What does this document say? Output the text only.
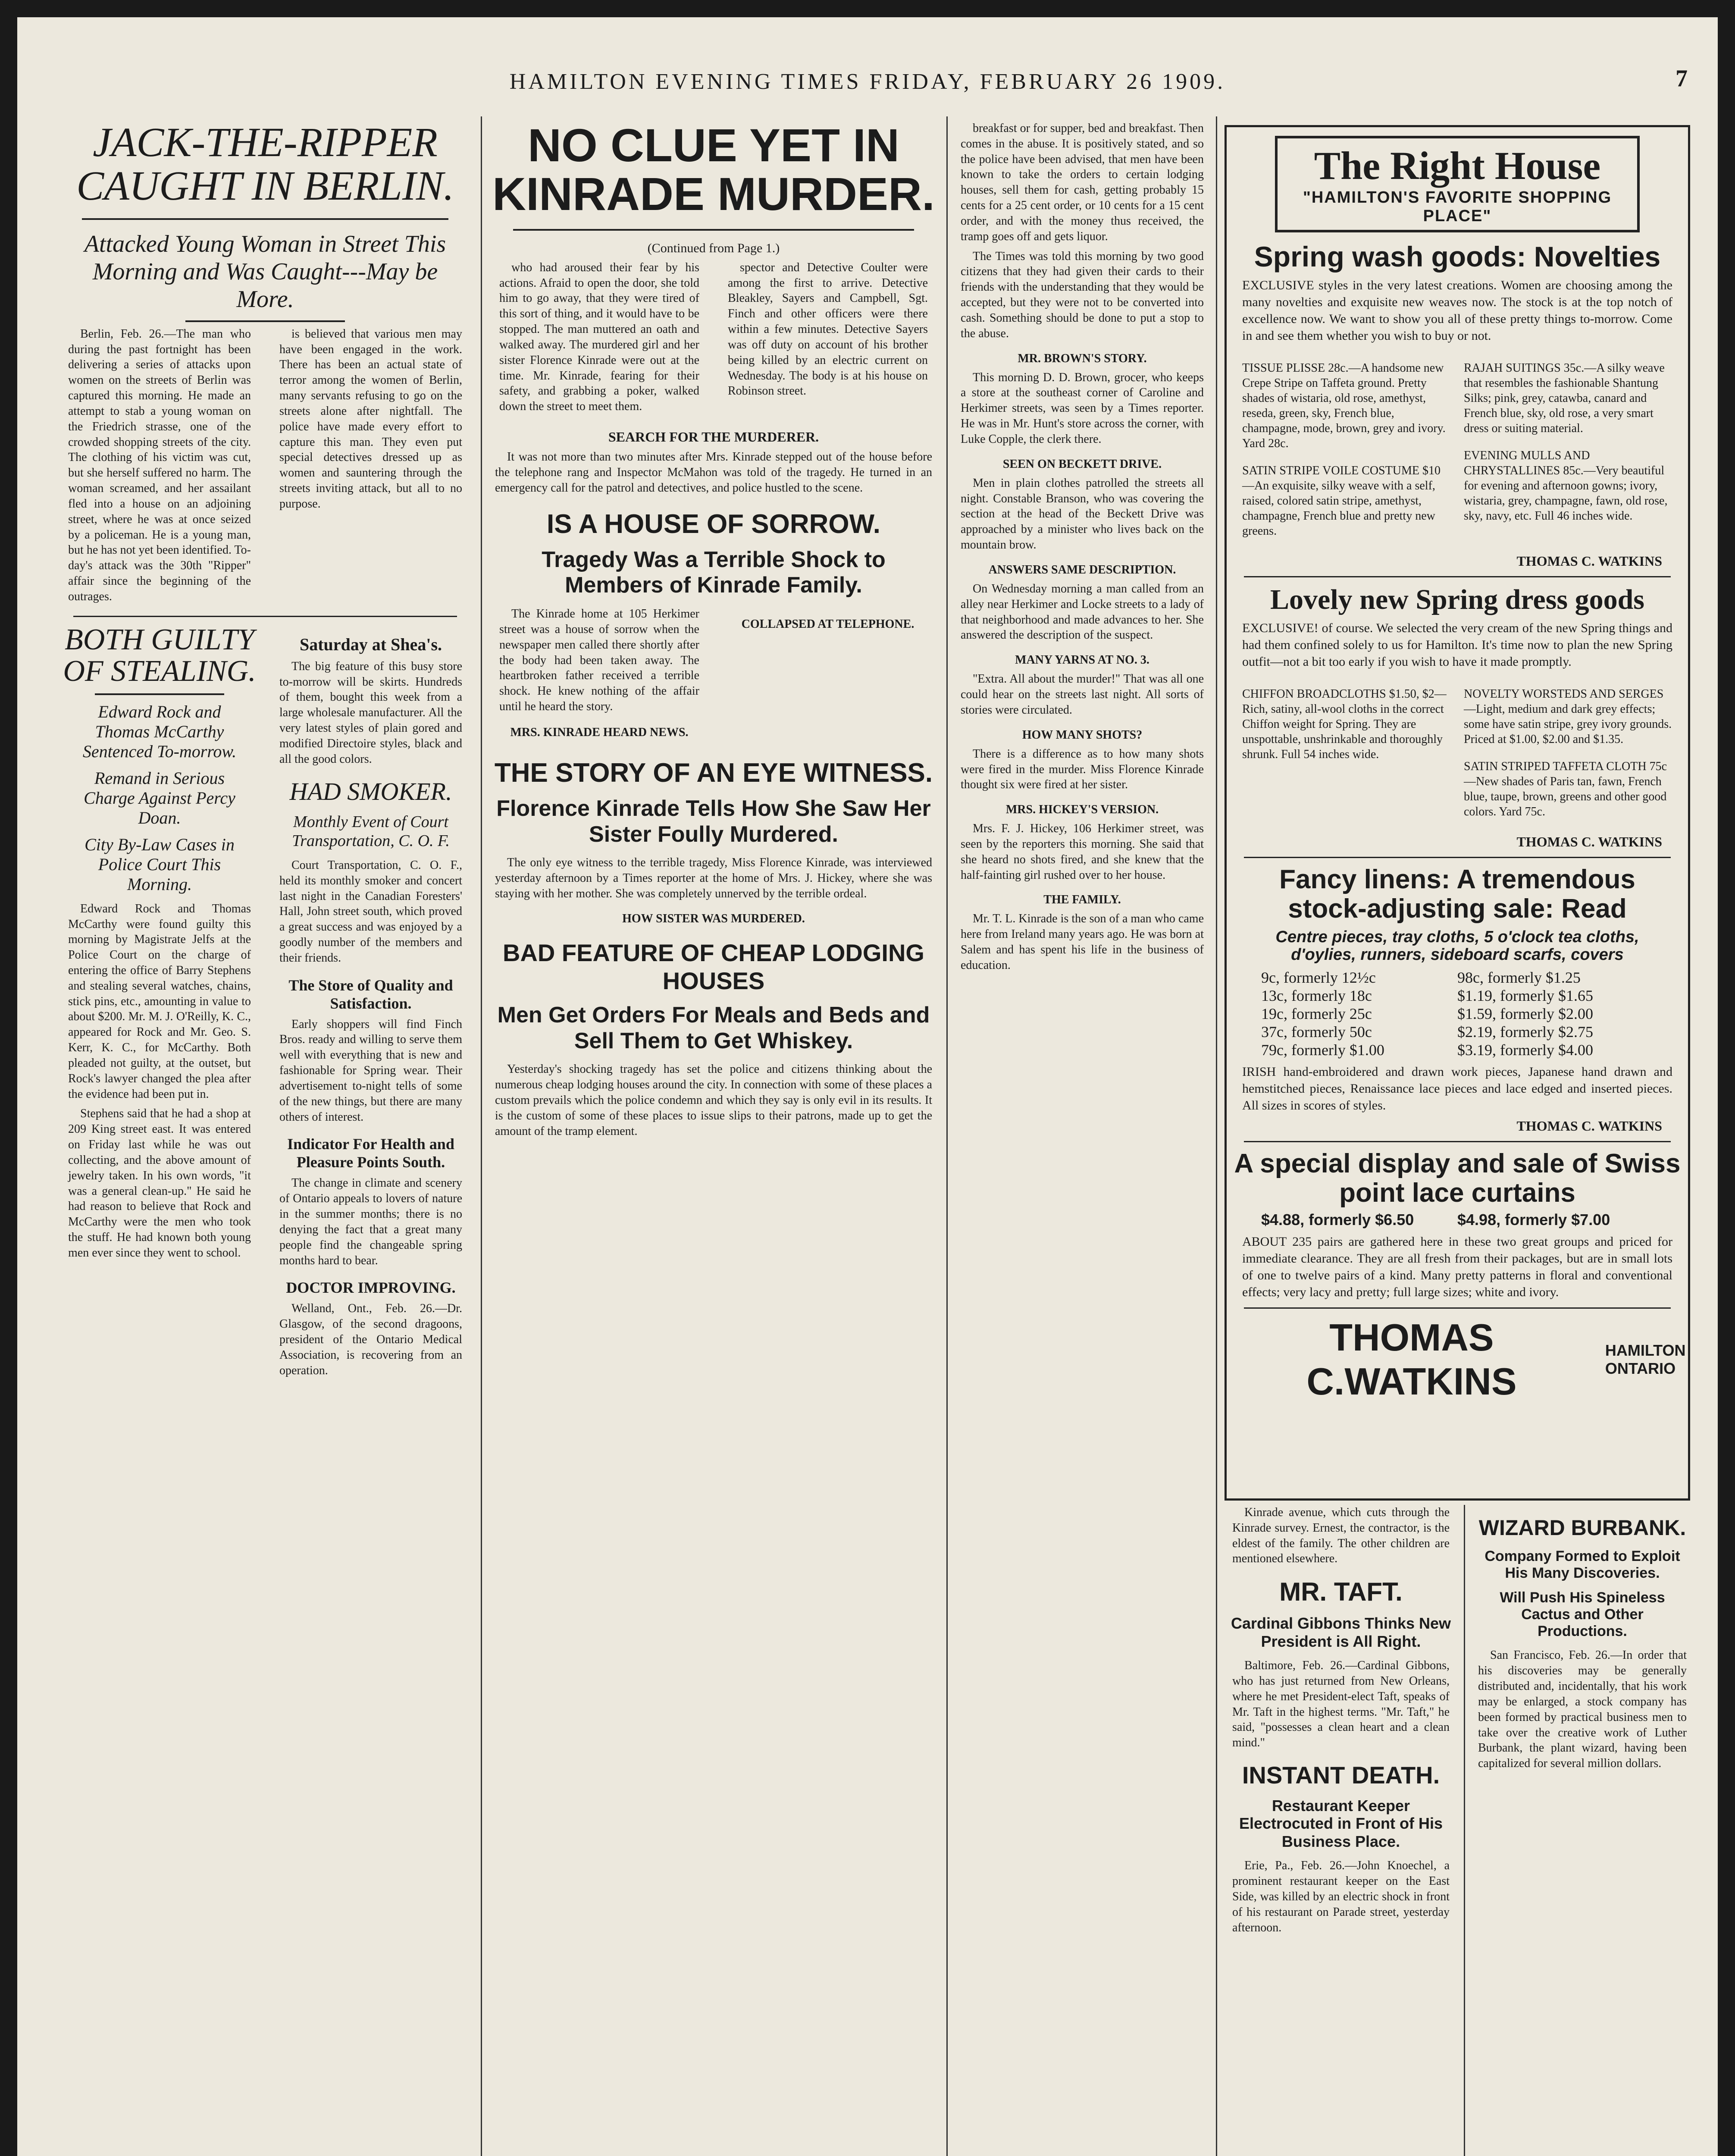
HAMILTON EVENING TIMES FRIDAY, FEBRUARY 26 1909.	7
JACK-THE-RIPPER CAUGHT IN BERLIN.
Attacked Young Woman in Street This Morning and Was Caught---May be More.

Berlin, Feb. 26.—The man who during the past fortnight has been delivering a series of attacks upon women on the streets of Berlin was captured this morning. He made an attempt to stab a young woman on the Friedrich strasse, one of the crowded shopping streets of the city. The clothing of his victim was cut, but she herself suffered no harm. The woman screamed, and her assailant fled into a house on an adjoining street, where he was at once seized by a policeman. He is a young man, but he has not yet been identified. To-day's attack was the 30th "Ripper" affair since the beginning of the outrages.

is believed that various men may have been engaged in the work. There has been an actual state of terror among the women of Berlin, many servants refusing to go on the streets alone after nightfall. The police have made every effort to capture this man. They even put special detectives dressed up as women and sauntering through the streets inviting attack, but all to no purpose.

BOTH GUILTY OF STEALING.
Edward Rock and Thomas McCarthy Sentenced To-morrow.
Remand in Serious Charge Against Percy Doan.
City By-Law Cases in Police Court This Morning.

Edward Rock and Thomas McCarthy were found guilty this morning by Magistrate Jelfs at the Police Court on the charge of entering the office of Barry Stephens and stealing several watches, chains, stick pins, etc., amounting in value to about $200. Mr. M. J. O'Reilly, K. C., appeared for Rock and Mr. Geo. S. Kerr, K. C., for McCarthy. Both pleaded not guilty, at the outset, but Rock's lawyer changed the plea after the evidence had been put in.

Stephens said that he had a shop at 209 King street east. It was entered on Friday last while he was out collecting, and the above amount of jewelry taken. In his own words, "it was a general clean-up." He said he had reason to believe that Rock and McCarthy were the men who took the stuff. He had known both young men ever since they went to school.

Saturday at Shea's.

The big feature of this busy store to-morrow will be skirts. Hundreds of them, bought this week from a large wholesale manufacturer. All the very latest styles of plain gored and modified Directoire styles, black and all the good colors.

HAD SMOKER.
Monthly Event of Court Transportation, C. O. F.

Court Transportation, C. O. F., held its monthly smoker and concert last night in the Canadian Foresters' Hall, John street south, which proved a great success and was enjoyed by a goodly number of the members and their friends.

The Store of Quality and Satisfaction.

Early shoppers will find Finch Bros. ready and willing to serve them well with everything that is new and fashionable for Spring wear. Their advertisement to-night tells of some of the new things, but there are many others of interest.

Indicator For Health and Pleasure Points South.

The change in climate and scenery of Ontario appeals to lovers of nature in the summer months; there is no denying the fact that a great many people find the changeable spring months hard to bear.

DOCTOR IMPROVING.

Welland, Ont., Feb. 26.—Dr. Glasgow, of the second dragoons, president of the Ontario Medical Association, is recovering from an operation.

NO CLUE YET IN KINRADE MURDER.
(Continued from Page 1.)

who had aroused their fear by his actions. Afraid to open the door, she told him to go away, that they were tired of this sort of thing, and it would have to be stopped. The man muttered an oath and walked away. The murdered girl and her sister Florence Kinrade were out at the time. Mr. Kinrade, fearing for their safety, and grabbing a poker, walked down the street to meet them.

spector and Detective Coulter were among the first to arrive. Detective Bleakley, Sayers and Campbell, Sgt. Finch and other officers were there within a few minutes. Detective Sayers was off duty on account of his brother being killed by an electric current on Wednesday. The body is at his house on Robinson street.

SEARCH FOR THE MURDERER.

It was not more than two minutes after Mrs. Kinrade stepped out of the house before the telephone rang and Inspector McMahon was told of the tragedy. He turned in an emergency call for the patrol and detectives, and police hustled to the scene.

IS A HOUSE OF SORROW.
Tragedy Was a Terrible Shock to Members of Kinrade Family.

The Kinrade home at 105 Herkimer street was a house of sorrow when the newspaper men called there shortly after the body had been taken away. The heartbroken father received a terrible shock. He knew nothing of the affair until he heard the story.

MRS. KINRADE HEARD NEWS.
COLLAPSED AT TELEPHONE.
THE STORY OF AN EYE WITNESS.
Florence Kinrade Tells How She Saw Her Sister Foully Murdered.

The only eye witness to the terrible tragedy, Miss Florence Kinrade, was interviewed yesterday afternoon by a Times reporter at the home of Mrs. J. Hickey, where she was staying with her mother. She was completely unnerved by the terrible ordeal.

HOW SISTER WAS MURDERED.
BAD FEATURE OF CHEAP LODGING HOUSES
Men Get Orders For Meals and Beds and Sell Them to Get Whiskey.

Yesterday's shocking tragedy has set the police and citizens thinking about the numerous cheap lodging houses around the city. In connection with some of these places a custom prevails which the police condemn and which they say is only evil in its results. It is the custom of some of these places to issue slips to their patrons, made up to get the amount of the tramp element.

breakfast or for supper, bed and breakfast. Then comes in the abuse. It is positively stated, and so the police have been advised, that men have been known to take the orders to certain lodging houses, sell them for cash, getting probably 15 cents for a 25 cent order, or 10 cents for a 15 cent order, and with the money thus received, the tramp goes off and gets liquor.

The Times was told this morning by two good citizens that they had given their cards to their friends with the understanding that they would be accepted, but they were not to be converted into cash. Something should be done to put a stop to the abuse.

MR. BROWN'S STORY.

This morning D. D. Brown, grocer, who keeps a store at the southeast corner of Caroline and Herkimer streets, was seen by a Times reporter. He was in Mr. Hunt's store across the corner, with Luke Copple, the clerk there.

SEEN ON BECKETT DRIVE.

Men in plain clothes patrolled the streets all night. Constable Branson, who was covering the section at the head of the Beckett Drive was approached by a minister who lives back on the mountain brow.

ANSWERS SAME DESCRIPTION.

On Wednesday morning a man called from an alley near Herkimer and Locke streets to a lady of that neighborhood and made advances to her. She answered the description of the suspect.

MANY YARNS AT NO. 3.

"Extra. All about the murder!" That was all one could hear on the streets last night. All sorts of stories were circulated.

HOW MANY SHOTS?

There is a difference as to how many shots were fired in the murder. Miss Florence Kinrade thought six were fired at her sister.

MRS. HICKEY'S VERSION.

Mrs. F. J. Hickey, 106 Herkimer street, was seen by the reporters this morning. She said that she heard no shots fired, and she knew that the half-fainting girl rushed over to her house.

THE FAMILY.

Mr. T. L. Kinrade is the son of a man who came here from Ireland many years ago. He was born at Salem and has spent his life in the business of education.

The Right House
"HAMILTON'S FAVORITE SHOPPING PLACE"
Spring wash goods: Novelties
EXCLUSIVE styles in the very latest creations. Women are choosing among the many novelties and exquisite new weaves now. The stock is at the top notch of excellence now. We want to show you all of these pretty things to-morrow. Come in and see them whether you wish to buy or not.

TISSUE PLISSE 28c.—A handsome new Crepe Stripe on Taffeta ground. Pretty shades of wistaria, old rose, amethyst, reseda, green, sky, French blue, champagne, mode, brown, grey and ivory. Yard 28c.

SATIN STRIPE VOILE COSTUME $10—An exquisite, silky weave with a self, raised, colored satin stripe, amethyst, champagne, French blue and pretty new greens.

RAJAH SUITINGS 35c.—A silky weave that resembles the fashionable Shantung Silks; pink, grey, catawba, canard and French blue, sky, old rose, a very smart dress or suiting material.

EVENING MULLS AND CHRYSTALLINES 85c.—Very beautiful for evening and afternoon gowns; ivory, wistaria, grey, champagne, fawn, old rose, sky, navy, etc. Full 46 inches wide.

THOMAS C. WATKINS
Lovely new Spring dress goods
EXCLUSIVE! of course. We selected the very cream of the new Spring things and had them confined solely to us for Hamilton. It's time now to plan the new Spring outfit—not a bit too early if you wish to have it made promptly.

CHIFFON BROADCLOTHS $1.50, $2—Rich, satiny, all-wool cloths in the correct Chiffon weight for Spring. They are unspottable, unshrinkable and thoroughly shrunk. Full 54 inches wide.

NOVELTY WORSTEDS AND SERGES—Light, medium and dark grey effects; some have satin stripe, grey ivory grounds. Priced at $1.00, $2.00 and $1.35.

SATIN STRIPED TAFFETA CLOTH 75c—New shades of Paris tan, fawn, French blue, taupe, brown, greens and other good colors. Yard 75c.

THOMAS C. WATKINS
Fancy linens: A tremendous
stock-adjusting sale: Read
Centre pieces, tray cloths, 5 o'clock tea cloths, d'oylies, runners, sideboard scarfs, covers
9c, formerly 12½c	98c, formerly $1.25
13c, formerly 18c	$1.19, formerly $1.65
19c, formerly 25c	$1.59, formerly $2.00
37c, formerly 50c	$2.19, formerly $2.75
79c, formerly $1.00	$3.19, formerly $4.00
IRISH hand-embroidered and drawn work pieces, Japanese hand drawn and hemstitched pieces, Renaissance lace pieces and lace edged and inserted pieces. All sizes in scores of styles.
THOMAS C. WATKINS
A special display and sale of Swiss point lace curtains
$4.88, formerly $6.50	$4.98, formerly $7.00
ABOUT 235 pairs are gathered here in these two great groups and priced for immediate clearance. They are all fresh from their packages, but are in small lots of one to twelve pairs of a kind. Many pretty patterns in floral and conventional effects; very lacy and pretty; full large sizes; white and ivory.
THOMAS C.WATKINS
HAMILTON ONTARIO

Kinrade avenue, which cuts through the Kinrade survey. Ernest, the contractor, is the eldest of the family. The other children are mentioned elsewhere.

MR. TAFT.
Cardinal Gibbons Thinks New President is All Right.

Baltimore, Feb. 26.—Cardinal Gibbons, who has just returned from New Orleans, where he met President-elect Taft, speaks of Mr. Taft in the highest terms. "Mr. Taft," he said, "possesses a clean heart and a clean mind."

INSTANT DEATH.
Restaurant Keeper Electrocuted in Front of His Business Place.

Erie, Pa., Feb. 26.—John Knoechel, a prominent restaurant keeper on the East Side, was killed by an electric shock in front of his restaurant on Parade street, yesterday afternoon.

WIZARD BURBANK.
Company Formed to Exploit His Many Discoveries.
Will Push His Spineless Cactus and Other Productions.

San Francisco, Feb. 26.—In order that his discoveries may be generally distributed and, incidentally, that his work may be enlarged, a stock company has been formed by practical business men to take over the creative work of Luther Burbank, the plant wizard, having been capitalized for several million dollars.
